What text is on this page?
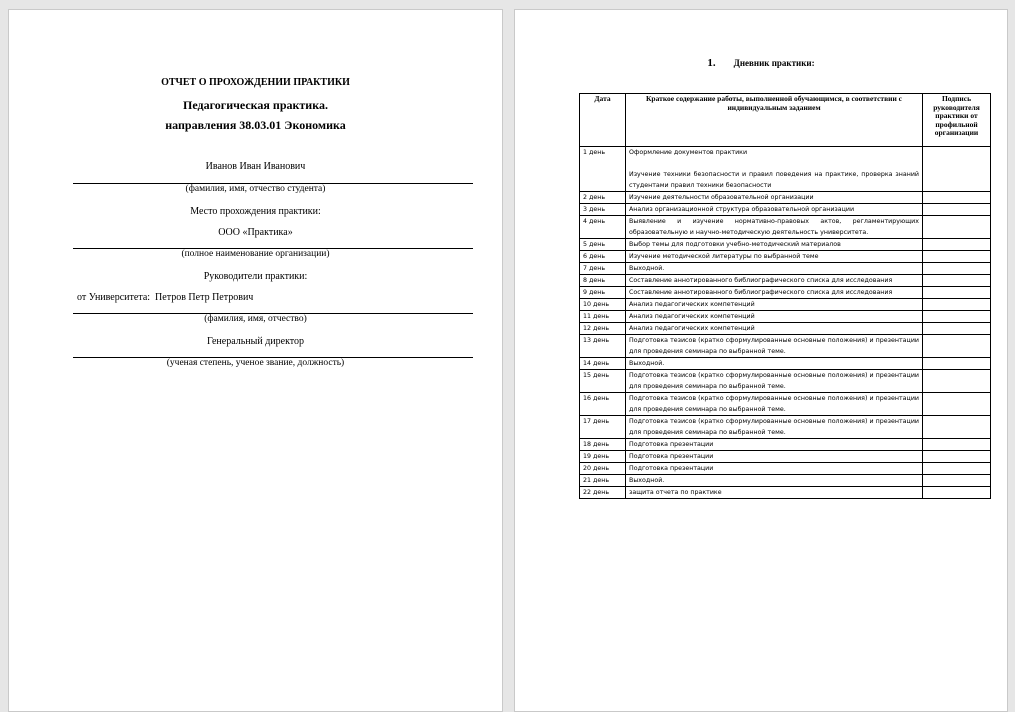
ОТЧЕТ О ПРОХОЖДЕНИИ ПРАКТИКИ
Педагогическая практика.
направления 38.03.01 Экономика
Иванов Иван Иванович
(фамилия, имя, отчество студента)
Место прохождения практики:
ООО «Практика»
(полное наименование организации)
Руководители практики:
от Университета:  Петров Петр Петрович
(фамилия, имя, отчество)
Генеральный директор
(ученая степень, ученое звание, должность)
1. Дневник практики:
Дата	Краткое содержание работы, выполненной обучающимся, в соответствии с индивидуальным заданием	Подпись руководителя практики от профильной организации
1 день	Оформление документов практики
Изучение техники безопасности и правил поведения на практике, проверка знаний студентами правил техники безопасности	
2 день	Изучение деятельности образовательной организации	
3 день	Анализ организационной структура образовательной организации	
4 день	Выявление и изучение нормативно-правовых актов, регламентирующих образовательную и научно-методическую деятельность университета.	
5 день	Выбор темы для подготовки учебно-методический материалов	
6 день	Изучение методической литературы по выбранной теме	
7 день	Выходной.	
8 день	Составление аннотированного библиографического списка для исследования	
9 день	Составление аннотированного библиографического списка для исследования	
10 день	Анализ педагогических компетенций	
11 день	Анализ педагогических компетенций	
12 день	Анализ педагогических компетенций	
13 день	Подготовка тезисов (кратко сформулированные основные положения) и презентации для проведения семинара по выбранной теме.	
14 день	Выходной.	
15 день	Подготовка тезисов (кратко сформулированные основные положения) и презентации для проведения семинара по выбранной теме.	
16 день	Подготовка тезисов (кратко сформулированные основные положения) и презентации для проведения семинара по выбранной теме.	
17 день	Подготовка тезисов (кратко сформулированные основные положения) и презентации для проведения семинара по выбранной теме.	
18 день	Подготовка презентации	
19 день	Подготовка презентации	
20 день	Подготовка презентации	
21 день	Выходной.	
22 день	защита отчета по практике	
